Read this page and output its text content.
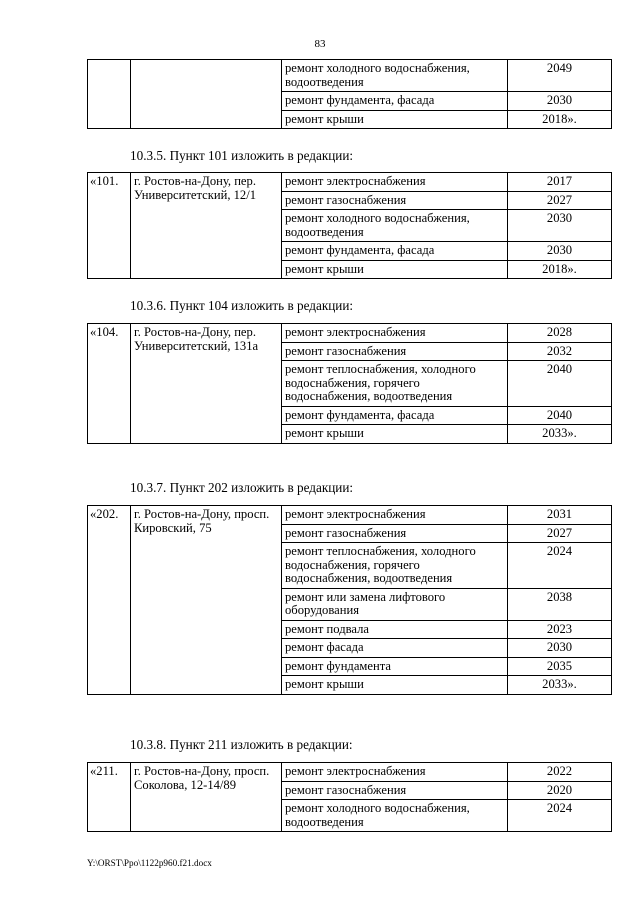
83
		ремонт холодного водоснабжения, водоотведения	2049
		ремонт фундамента, фасада	2030
		ремонт крыши	2018».
10.3.5. Пункт 101 изложить в редакции:
«101.	г. Ростов-на-Дону, пер. Университетский, 12/1	ремонт электроснабжения	2017
		ремонт газоснабжения	2027
		ремонт холодного водоснабжения, водоотведения	2030
		ремонт фундамента, фасада	2030
		ремонт крыши	2018».
10.3.6. Пункт 104 изложить в редакции:
«104.	г. Ростов-на-Дону, пер. Университетский, 131а	ремонт электроснабжения	2028
		ремонт газоснабжения	2032
		ремонт теплоснабжения, холодного водоснабжения, горячего водоснабжения, водоотведения	2040
		ремонт фундамента, фасада	2040
		ремонт крыши	2033».
10.3.7. Пункт 202 изложить в редакции:
«202.	г. Ростов-на-Дону, просп. Кировский, 75	ремонт электроснабжения	2031
		ремонт газоснабжения	2027
		ремонт теплоснабжения, холодного водоснабжения, горячего водоснабжения, водоотведения	2024
		ремонт или замена лифтового оборудования	2038
		ремонт подвала	2023
		ремонт фасада	2030
		ремонт фундамента	2035
		ремонт крыши	2033».
10.3.8. Пункт 211 изложить в редакции:
«211.	г. Ростов-на-Дону, просп. Соколова, 12-14/89	ремонт электроснабжения	2022
		ремонт газоснабжения	2020
		ремонт холодного водоснабжения, водоотведения	2024
Y:\ORST\Ppo\1122p960.f21.docx
